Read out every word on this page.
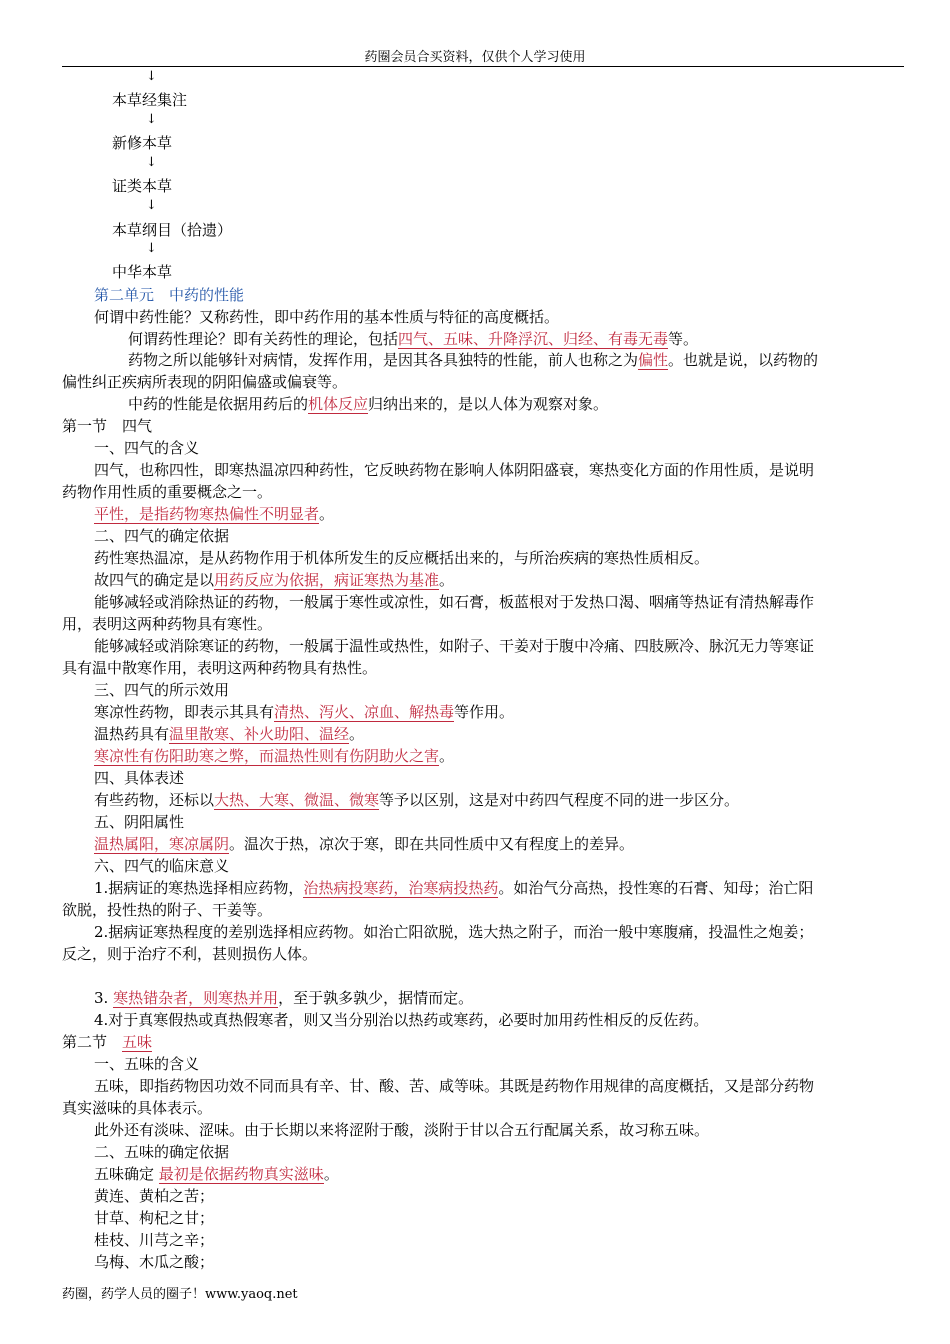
药圈会员合买资料，仅供个人学习使用
↓
本草经集注
↓
新修本草
↓
证类本草
↓
本草纲目（拾遗）
↓
中华本草
第二单元　中药的性能
何谓中药性能？又称药性，即中药作用的基本性质与特征的高度概括。
何谓药性理论？即有关药性的理论，包括四气、五味、升降浮沉、归经、有毒无毒等。
药物之所以能够针对病情，发挥作用，是因其各具独特的性能，前人也称之为偏性。也就是说，以药物的
偏性纠正疾病所表现的阴阳偏盛或偏衰等。
中药的性能是依据用药后的机体反应归纳出来的，是以人体为观察对象。
第一节　四气
一、四气的含义
四气，也称四性，即寒热温凉四种药性，它反映药物在影响人体阴阳盛衰，寒热变化方面的作用性质，是说明
药物作用性质的重要概念之一。
平性，是指药物寒热偏性不明显者。
二、四气的确定依据
药性寒热温凉，是从药物作用于机体所发生的反应概括出来的，与所治疾病的寒热性质相反。
故四气的确定是以用药反应为依据，病证寒热为基准。
能够减轻或消除热证的药物，一般属于寒性或凉性，如石膏，板蓝根对于发热口渴、咽痛等热证有清热解毒作
用，表明这两种药物具有寒性。
能够减轻或消除寒证的药物，一般属于温性或热性，如附子、干姜对于腹中冷痛、四肢厥冷、脉沉无力等寒证
具有温中散寒作用，表明这两种药物具有热性。
三、四气的所示效用
寒凉性药物，即表示其具有清热、泻火、凉血、解热毒等作用。
温热药具有温里散寒、补火助阳、温经。
寒凉性有伤阳助寒之弊，而温热性则有伤阴助火之害。
四、具体表述
有些药物，还标以大热、大寒、微温、微寒等予以区别，这是对中药四气程度不同的进一步区分。
五、阴阳属性
温热属阳，寒凉属阴。温次于热，凉次于寒，即在共同性质中又有程度上的差异。
六、四气的临床意义
1.据病证的寒热选择相应药物，治热病投寒药，治寒病投热药。如治气分高热，投性寒的石膏、知母；治亡阳
欲脱，投性热的附子、干姜等。
2.据病证寒热程度的差别选择相应药物。如治亡阳欲脱，选大热之附子，而治一般中寒腹痛，投温性之炮姜；
反之，则于治疗不利，甚则损伤人体。
3. 寒热错杂者，则寒热并用，至于孰多孰少，据情而定。
4.对于真寒假热或真热假寒者，则又当分别治以热药或寒药，必要时加用药性相反的反佐药。
第二节　五味
一、五味的含义
五味，即指药物因功效不同而具有辛、甘、酸、苦、咸等味。其既是药物作用规律的高度概括，又是部分药物
真实滋味的具体表示。
此外还有淡味、涩味。由于长期以来将涩附于酸，淡附于甘以合五行配属关系，故习称五味。
二、五味的确定依据
五味确定 最初是依据药物真实滋味。
黄连、黄柏之苦；
甘草、枸杞之甘；
桂枝、川芎之辛；
乌梅、木瓜之酸；
药圈，药学人员的圈子！www.yaoq.net
